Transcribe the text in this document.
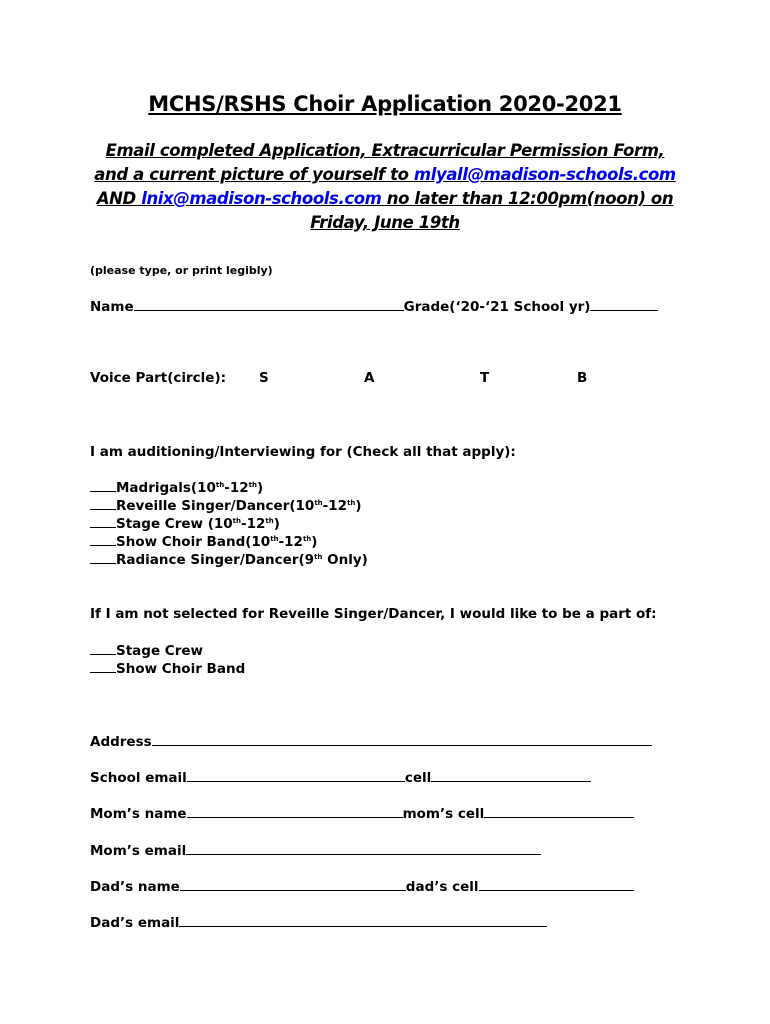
MCHS/RSHS Choir Application 2020-2021
Email completed Application, Extracurricular Permission Form,
and a current picture of yourself to mlyall@madison-schools.com
AND lnix@madison-schools.com no later than 12:00pm(noon) on
Friday, June 19th
(please type, or print legibly)
Name	Grade(‘20-‘21 School yr)
Voice Part(circle): S	A	T	B
I am auditioning/Interviewing for (Check all that apply):
Madrigals(10th-12th)
Reveille Singer/Dancer(10th-12th)
Stage Crew (10th-12th)
Show Choir Band(10th-12th)
Radiance Singer/Dancer(9th Only)
If I am not selected for Reveille Singer/Dancer, I would like to be a part of:
Stage Crew
Show Choir Band
Address
School email	cell
Mom’s name	mom’s cell
Mom’s email
Dad’s name	dad’s cell
Dad’s email
